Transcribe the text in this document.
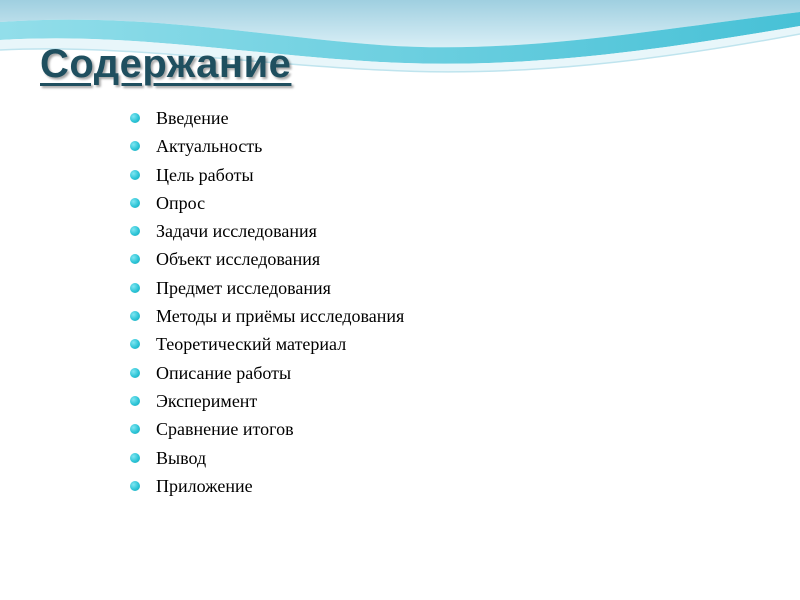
Содержание
Введение
Актуальность
Цель работы
Опрос
Задачи исследования
Объект исследования
Предмет исследования
Методы и приёмы исследования
Теоретический материал
Описание работы
Эксперимент
Сравнение итогов
Вывод
Приложение
